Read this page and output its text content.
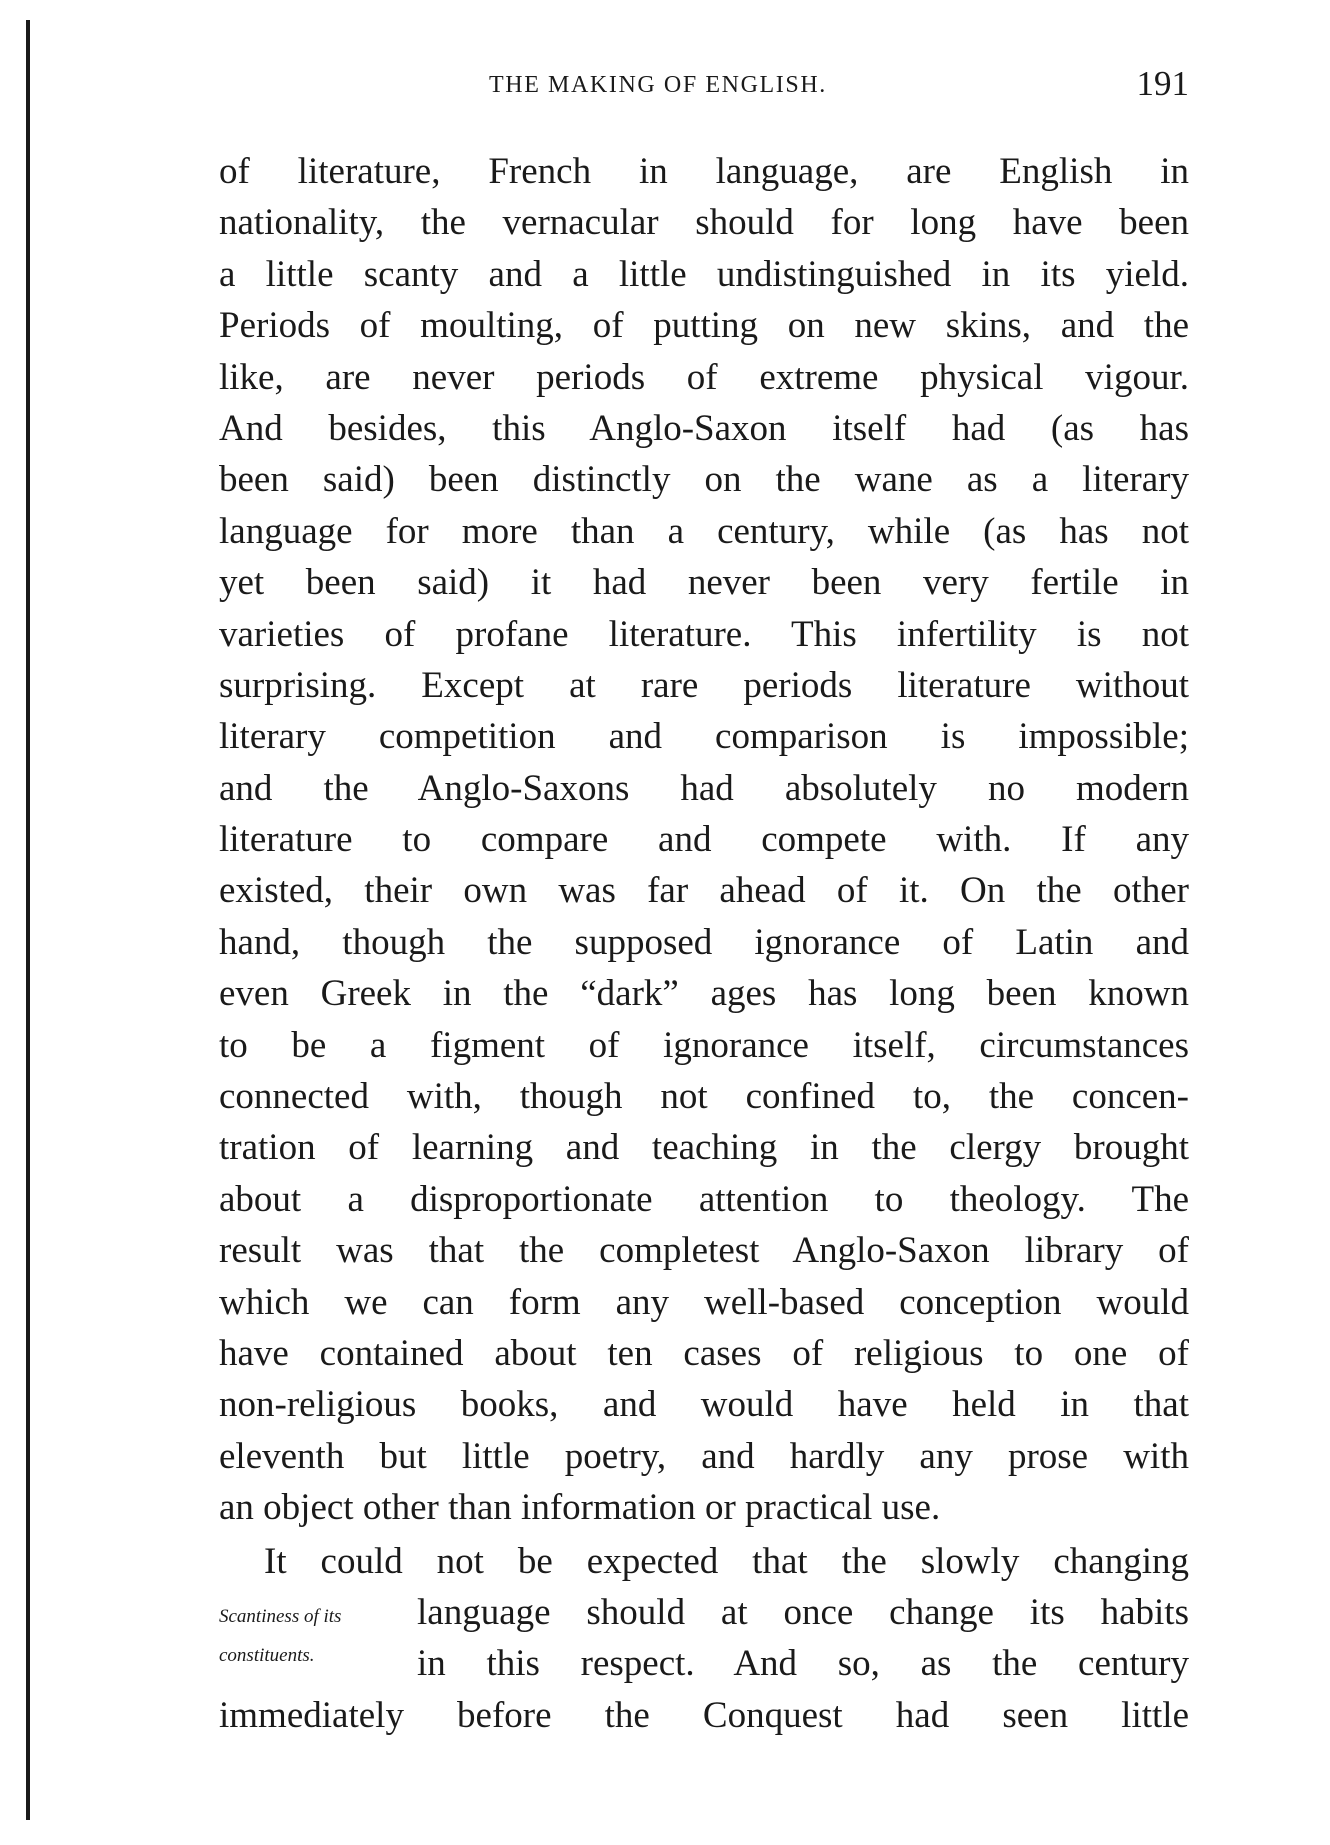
THE MAKING OF ENGLISH.	191
of literature, French in language, are English in
nationality, the vernacular should for long have been
a little scanty and a little undistinguished in its yield.
Periods of moulting, of putting on new skins, and the
like, are never periods of extreme physical vigour.
And besides, this Anglo-Saxon itself had (as has
been said) been distinctly on the wane as a literary
language for more than a century, while (as has not
yet been said) it had never been very fertile in
varieties of profane literature. This infertility is not
surprising. Except at rare periods literature without
literary competition and comparison is impossible;
and the Anglo-Saxons had absolutely no modern
literature to compare and compete with. If any
existed, their own was far ahead of it. On the other
hand, though the supposed ignorance of Latin and
even Greek in the “dark” ages has long been known
to be a figment of ignorance itself, circumstances
connected with, though not confined to, the concen-
tration of learning and teaching in the clergy brought
about a disproportionate attention to theology. The
result was that the completest Anglo-Saxon library of
which we can form any well-based conception would
have contained about ten cases of religious to one of
non-religious books, and would have held in that
eleventh but little poetry, and hardly any prose with
an object other than information or practical use.
It could not be expected that the slowly changing
Scantiness of its	language should at once change its habits
constituents.	in this respect. And so, as the century
immediately before the Conquest had seen little
